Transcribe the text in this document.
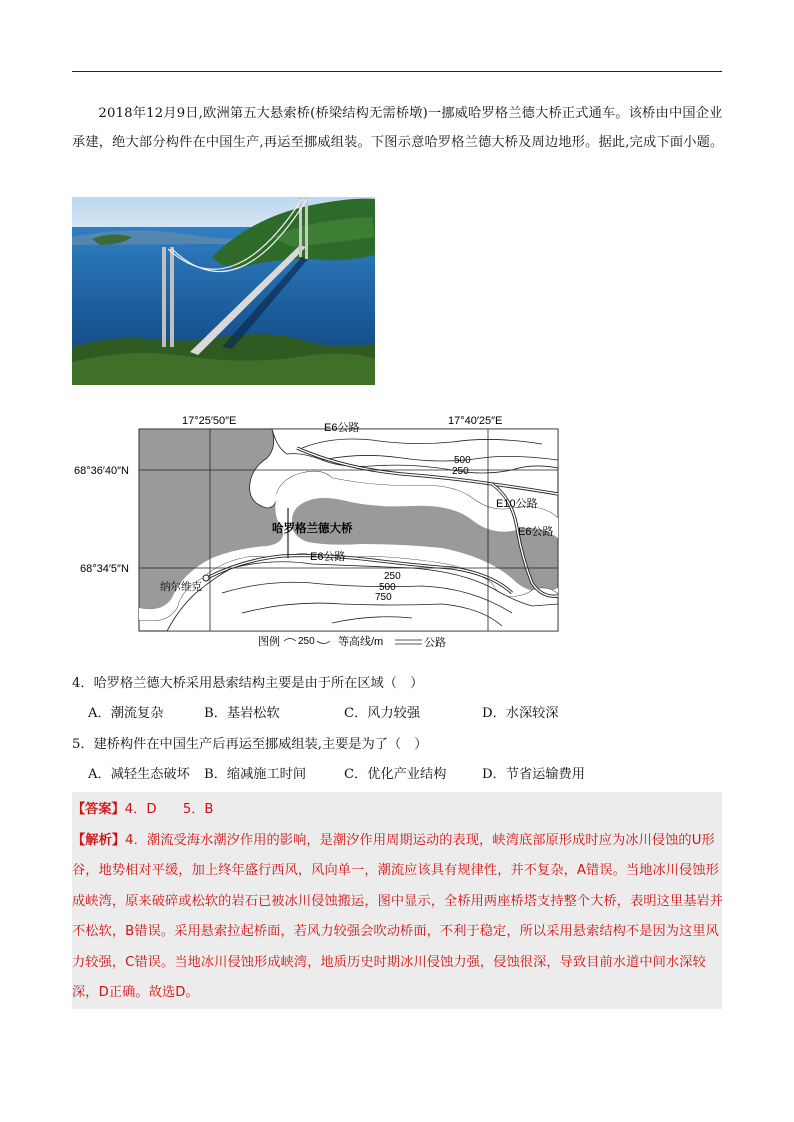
2018年12月9日,欧洲第五大悬索桥(桥梁结构无需桥墩)一挪威哈罗格兰德大桥正式通车。该桥由中国企业承建，绝大部分构件在中国生产,再运至挪威组装。下图示意哈罗格兰德大桥及周边地形。据此,完成下面小题。
17°25′50″E	17°40′25″E
68°36′40″N
68°34′5″N
E6公路
500
250
E10公路
E6公路
哈罗格兰德大桥
E6公路
纳尔维克
250
500
750
图例 250 等高线/m	公路
4．哈罗格兰德大桥采用悬索结构主要是由于所在区域（　）
A．潮流复杂	B．基岩松软	C．风力较强	D．水深较深
5．建桥构件在中国生产后再运至挪威组装,主要是为了（　）
A．减轻生态破坏 B．缩减施工时间	C．优化产业结构	D．节省运输费用
【答案】4．D　　5．B
【解析】4．潮流受海水潮汐作用的影响，是潮汐作用周期运动的表现，峡湾底部原形成时应为冰川侵蚀的U形谷，地势相对平缓，加上终年盛行西风，风向单一，潮流应该具有规律性，并不复杂，A错误。当地冰川侵蚀形成峡湾，原来破碎或松软的岩石已被冰川侵蚀搬运，图中显示，全桥用两座桥塔支持整个大桥，表明这里基岩并不松软，B错误。采用悬索拉起桥面，若风力较强会吹动桥面，不利于稳定，所以采用悬索结构不是因为这里风力较强，C错误。当地冰川侵蚀形成峡湾，地质历史时期冰川侵蚀力强，侵蚀很深，导致目前水道中间水深较深，D正确。故选D。
